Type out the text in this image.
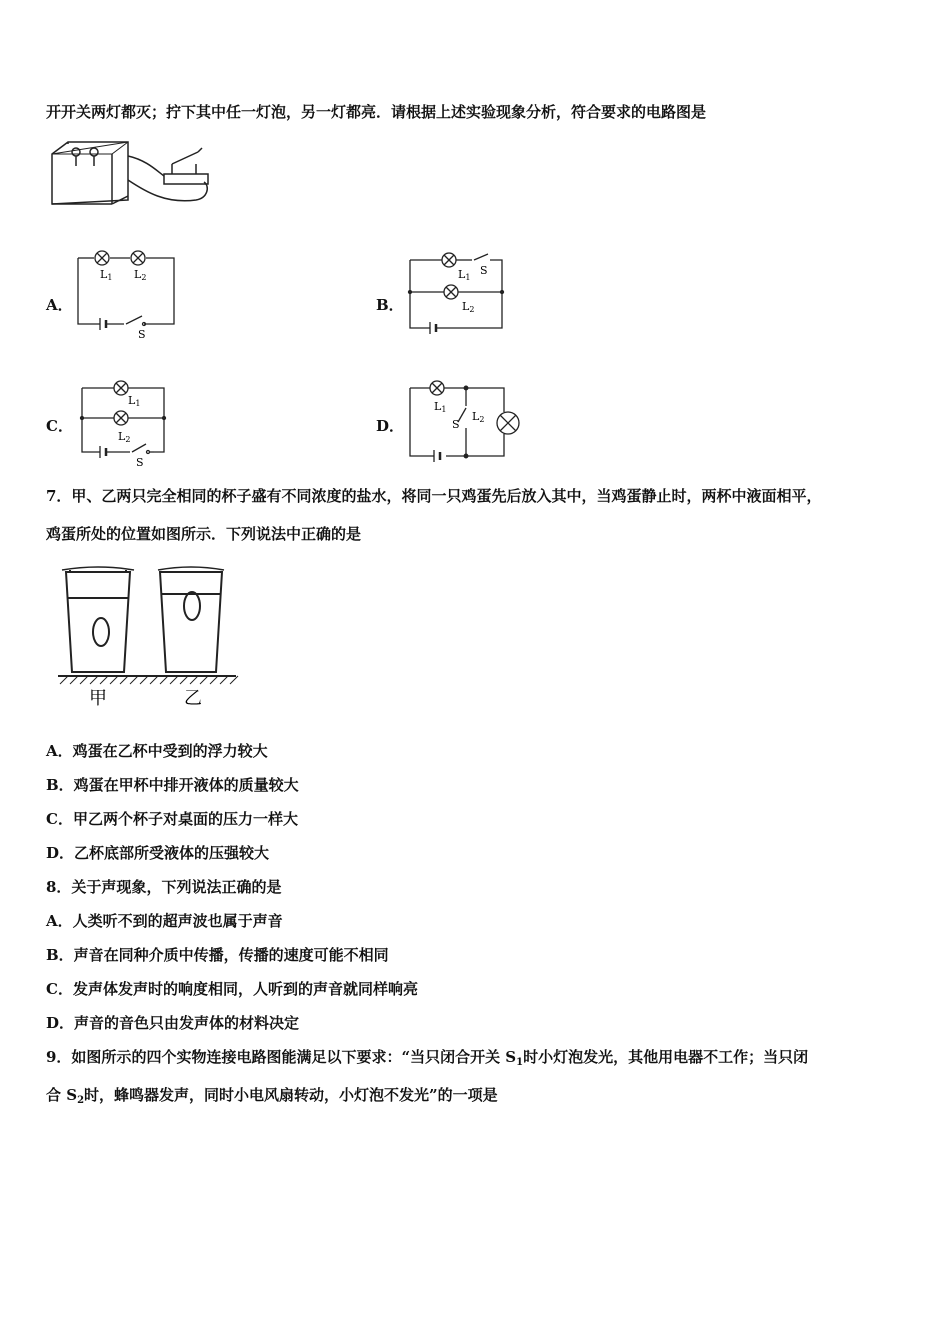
开开关两灯都灭；拧下其中任一灯泡，另一灯都亮．请根据上述实验现象分析，符合要求的电路图是
A．
L1 L2
S
B．
L1
S
L2
C．
L1
L2
S
D．
L1
S
L2
7．甲、乙两只完全相同的杯子盛有不同浓度的盐水，将同一只鸡蛋先后放入其中，当鸡蛋静止时，两杯中液面相平，
鸡蛋所处的位置如图所示．下列说法中正确的是
甲	乙
A．鸡蛋在乙杯中受到的浮力较大
B．鸡蛋在甲杯中排开液体的质量较大
C．甲乙两个杯子对桌面的压力一样大
D．乙杯底部所受液体的压强较大
8．关于声现象，下列说法正确的是
A．人类听不到的超声波也属于声音
B．声音在同种介质中传播，传播的速度可能不相同
C．发声体发声时的响度相同，人听到的声音就同样响亮
D．声音的音色只由发声体的材料决定
9．如图所示的四个实物连接电路图能满足以下要求：“当只闭合开关 $S_1$时小灯泡发光，其他用电器不工作；当只闭
合 $S_2$时，蜂鸣器发声，同时小电风扇转动，小灯泡不发光”的一项是
